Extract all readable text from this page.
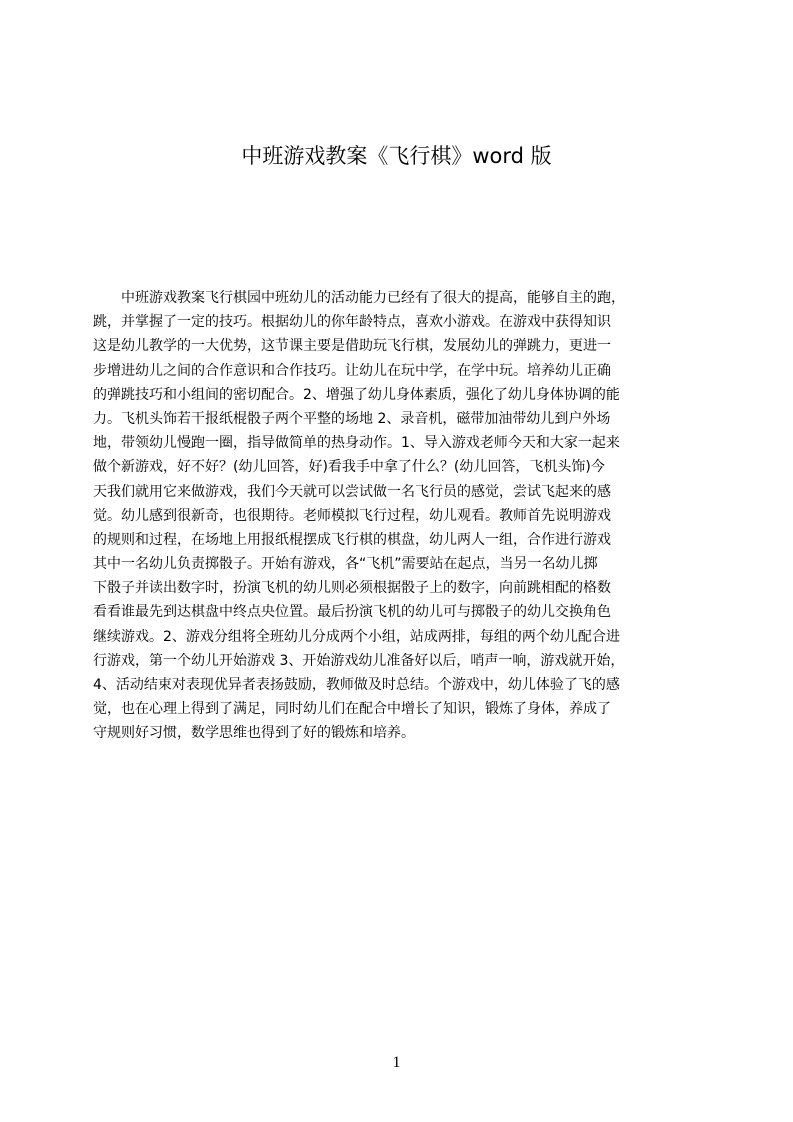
中班游戏教案《飞行棋》word 版
　　中班游戏教案飞行棋园中班幼儿的活动能力已经有了很大的提高，能够自主的跑，
跳，并掌握了一定的技巧。根据幼儿的你年龄特点，喜欢小游戏。在游戏中获得知识
这是幼儿教学的一大优势，这节课主要是借助玩飞行棋，发展幼儿的弹跳力，更进一
步增进幼儿之间的合作意识和合作技巧。让幼儿在玩中学，在学中玩。培养幼儿正确
的弹跳技巧和小组间的密切配合。2、增强了幼儿身体素质，强化了幼儿身体协调的能
力。飞机头饰若干报纸棍骰子两个平整的场地 2、录音机，磁带加油带幼儿到户外场
地，带领幼儿慢跑一圈，指导做简单的热身动作。1、导入游戏老师今天和大家一起来
做个新游戏，好不好？(幼儿回答，好)看我手中拿了什么？(幼儿回答，飞机头饰)今
天我们就用它来做游戏，我们今天就可以尝试做一名飞行员的感觉，尝试飞起来的感
觉。幼儿感到很新奇，也很期待。老师模拟飞行过程，幼儿观看。教师首先说明游戏
的规则和过程，在场地上用报纸棍摆成飞行棋的棋盘，幼儿两人一组，合作进行游戏
其中一名幼儿负责掷骰子。开始有游戏，各“飞机”需要站在起点，当另一名幼儿掷
下骰子并读出数字时，扮演飞机的幼儿则必须根据骰子上的数字，向前跳相配的格数
看看谁最先到达棋盘中终点央位置。最后扮演飞机的幼儿可与掷骰子的幼儿交换角色
继续游戏。2、游戏分组将全班幼儿分成两个小组，站成两排，每组的两个幼儿配合进
行游戏，第一个幼儿开始游戏 3、开始游戏幼儿准备好以后，哨声一响，游戏就开始，
4、活动结束对表现优异者表扬鼓励，教师做及时总结。个游戏中，幼儿体验了飞的感
觉，也在心理上得到了满足，同时幼儿们在配合中增长了知识，锻炼了身体，养成了
守规则好习惯，数学思维也得到了好的锻炼和培养。
1
